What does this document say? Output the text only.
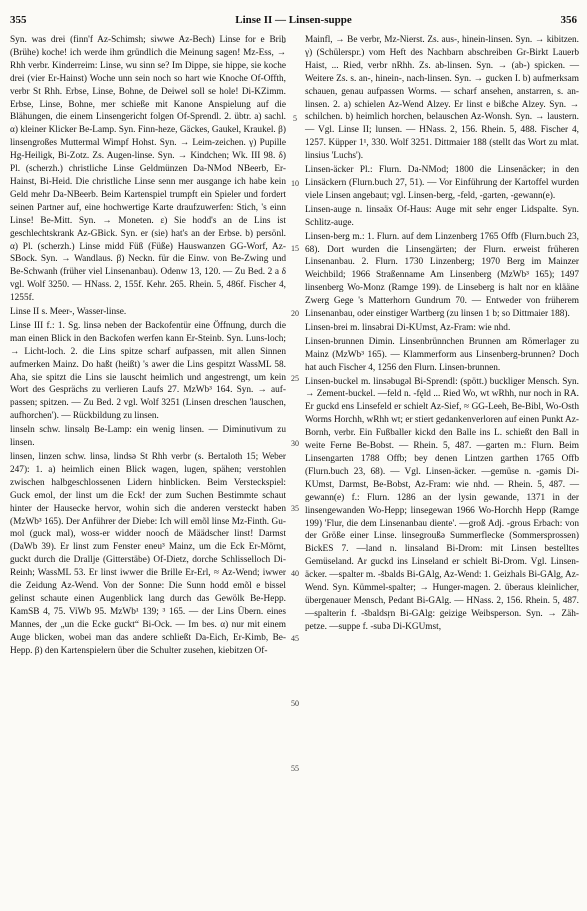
355	Linse II — Linsen-suppe	356

Syn. was drei (finn'f Az-Schimsh; siwwe Az-Bech) Linse for e Briẖ (Brühe) koche! ich werde ihm gründlich die Meinung sagen! Mz-Ess, → Rhh verbr. Kinderreim: Linse, wu sinn se? Im Dippe, sie hippe, sie koche drei (vier Er-Hainst) Woche unn sein noch so hart wie Knoche Of-Offth, verbr St Rhh. Erbse, Linse, Bohne, de Deiwel soll se hole! Di-KZimm. Erbse, Linse, Bohne, mer schieße mit Kanone Anspielung auf die Blähungen, die einem Linsengericht folgen Of-Sprendl. 2. übtr. a) sachl. α) kleiner Klicker Be-Lamp. Syn. Finn-heze, Gäckes, Gaukel, Kraukel. β) linsengroßes Muttermal Wimpf Hohst. Syn. → Leim-zeichen. γ) Pupille Hg-Heiligk, Bi-Zotz. Zs. Augen-linse. Syn. → Kindchen; Wk. III 98. δ) Pl. (scherzh.) christliche Linse Geldmünzen Da-NMod NBeerb, Er-Hainst, Bi-Heid. Die christliche Linse senn mer ausgange ich habe kein Geld mehr Da-NBeerb. Beim Kartenspiel trumpft ein Spieler und fordert seinen Partner auf, eine hochwertige Karte draufzuwerfen: Stich, 's einn Linse! Be-Mitt. Syn. → Moneten. ε) Sie hodd's an de Lins ist geschlechtskrank Az-GBick. Syn. er (sie) hat's an der Erbse. b) persönl. α) Pl. (scherzh.) Linse midd Füß (Füße) Hauswanzen GG-Worf, Az-SBock. Syn. → Wandlaus. β) Neckn. für die Einw. von Be-Zwing und Be-Schwanh (früher viel Linsenanbau). Odenw 13, 120. — Zu Bed. 2 a δ vgl. Wolf 3250. — HNass. 2, 155f. Kehr. 265. Rhein. 5, 486f. Fischer 4, 1255f.

Linse II s. Meer-, Wasser-linse.

Linse III f.: 1. Sg. linsə neben der Backofentür eine Öffnung, durch die man einen Blick in den Backofen werfen kann Er-Steinb. Syn. Luns-loch; → Licht-loch. 2. die Lins spitze scharf aufpassen, mit allen Sinnen aufmerken Mainz. Do haßt (heißt) 's awer die Lins gespitzt WassML 58. Aha, sie spitzt die Lins sie lauscht heimlich und angestrengt, um kein Wort des Gesprächs zu verlieren Laufs 27. MzWb³ 164. Syn. → auf-passen; spitzen. — Zu Bed. 2 vgl. Wolf 3251 (Linsen dreschen 'lauschen, aufhorchen'). — Rückbildung zu linsen.

linseln schw. linsəlṇ Be-Lamp: ein wenig linsen. — Diminutivum zu linsen.

linsen, linzen schw. linsə, lindsə St Rhh verbr (s. Bertaloth 15; Weber 247): 1. a) heimlich einen Blick wagen, lugen, spähen; verstohlen zwischen halbgeschlossenen Lidern hinblicken. Beim Versteckspiel: Guck emol, der linst um die Eck! der zum Suchen Bestimmte schaut hinter der Hausecke hervor, wohin sich die anderen versteckt haben (MzWb³ 165). Der Anführer der Diebe: Ich will emõl linse Mz-Finth. Gu-mol (guck mal), woss-er widder noocḣ de Määdscher linst! Darmst (DaWb 39). Er linst zum Fenster eneu³ Mainz, um die Eck Er-Mörnt, guckt durch die Drallje (Gitterstäbe) Of-Dietz, dorche Schlisselloch Di-Reinh; WassML 53. Er linst iwwer die Brille Er-Erl, ≈ Az-Wend; iwwer die Zeidung Az-Wend. Von der Sonne: Die Sunn hodd emõl e bissel gelinst schaute einen Augenblick lang durch das Gewölk Be-Hepp. KamSB 4, 75. ViWb 95. MzWb¹ 139; ³ 165. — der Lins Übern. eines Mannes, der „un die Ecke guckt“ Bi-Ock. — Im bes. α) nur mit einem Auge blicken, wobei man das andere schließt Da-Eich, Er-Kimb, Be-Hepp. β) den Kartenspielern über die Schulter zusehen, kiebitzen Of-

5
10
15
20
25
30
35
40
45
50
55

Mainfl, → Be verbr, Mz-Nierst. Zs. aus-, hinein-linsen. Syn. → kibitzen. γ) (Schülerspr.) vom Heft des Nachbarn abschreiben Gr-Birkt Lauerb Haist, ... Ried, verbr nRhh. Zs. ab-linsen. Syn. → (ab-) spicken. — Weitere Zs. s. an-, hinein-, nach-linsen. Syn. → gucken I. b) aufmerksam schauen, genau aufpassen Worms. — scharf ansehen, anstarren, s. an-linsen. 2. a) schielen Az-Wend Alzey. Er linst e bißche Alzey. Syn. → schilchen. b) heimlich horchen, belauschen Az-Wonsh. Syn. → laustern. — Vgl. Linse II; lunsen. — HNass. 2, 156. Rhein. 5, 488. Fischer 4, 1257. Küpper 1¹, 330. Wolf 3251. Dittmaier 188 (stellt das Wort zu mlat. linsius 'Luchs').

Linsen-äcker Pl.: Flurn. Da-NMod; 1800 die Linsenäcker; in den Linsäckern (Flurn.buch 27, 51). — Vor Einführung der Kartoffel wurden viele Linsen angebaut; vgl. Linsen-berg, -feld, -garten, -gewann(e).

Linsen-auge n. linsəäx Of-Haus: Auge mit sehr enger Lidspalte. Syn. Schlitz-auge.

Linsen-berg m.: 1. Flurn. auf dem Linzenberg 1765 Offb (Flurn.buch 23, 68). Dort wurden die Linsengärten; der Flurn. erweist früheren Linsenanbau. 2. Flurn. 1730 Linzenberg; 1970 Berg im Mainzer Weichbild; 1966 Straßenname Am Linsenberg (MzWb³ 165); 1497 linsenberg Wo-Monz (Ramge 199). de Linseberg is halt nor en klääne Zwerg Gege 's Matterhorn Gundrum 70. — Entweder von früherem Linsenanbau, oder einstiger Wartberg (zu linsen 1 b; so Dittmaier 188).

Linsen-brei m. linsəbrai Di-KUmst, Az-Fram: wie nhd.

Linsen-brunnen Dimin. Linsenbrünnchen Brunnen am Römerlager zu Mainz (MzWb³ 165). — Klammerform aus Linsenberg-brunnen? Doch hat auch Fischer 4, 1256 den Flurn. Linsen-brunnen.

Linsen-buckel m. linsəbugəl Bi-Sprendl: (spött.) buckliger Mensch. Syn. → Zement-buckel. —feld n. -fęld ... Ried Wo, wt wRhh, nur noch in RA. Er guckd ens Linsefeld er schielt Az-Sief, ≈ GG-Leeh, Be-Bibl, Wo-Osth Worms Horchh, wRhh wt; er stiert gedankenverloren auf einen Punkt Az-Bornh, verbr. Ein Fußballer kickd den Balle ins L. schießt den Ball in weite Ferne Be-Bobst. — Rhein. 5, 487. —garten m.: Flurn. Beim Linsengarten 1788 Offb; bey denen Lintzen garthen 1765 Offb (Flurn.buch 23, 68). — Vgl. Linsen-äcker. —gemüse n. -gəmis Di-KUmst, Darmst, Be-Bobst, Az-Fram: wie nhd. — Rhein. 5, 487. —gewann(e) f.: Flurn. 1286 an der lysin gewande, 1371 in der linsengewanden Wo-Hepp; linsegewan 1966 Wo-Horchh Hepp (Ramge 199) 'Flur, die dem Linsenanbau diente'. —groß Adj. -grous Erbach: von der Größe einer Linse. linsegroußə Summerflecke (Sommersprossen) BickES 7. —land n. linsəland Bi-Drom: mit Linsen bestelltes Gemüseland. Ar guckd ins Linseland er schielt Bi-Drom. Vgl. Linsen-äcker. —spalter m. -šbalds Bi-GAlg, Az-Wend: 1. Geizhals Bi-GAlg, Az-Wend. Syn. Kümmel-spalter; → Hunger-magen. 2. überaus kleinlicher, übergenauer Mensch, Pedant Bi-GAlg. — HNass. 2, 156. Rhein. 5, 487. —spalterin f. -šbaldsṛn Bi-GAlg: geizige Weibsperson. Syn. → Zäh-petze. —suppe f. -subə Di-KGUmst,
